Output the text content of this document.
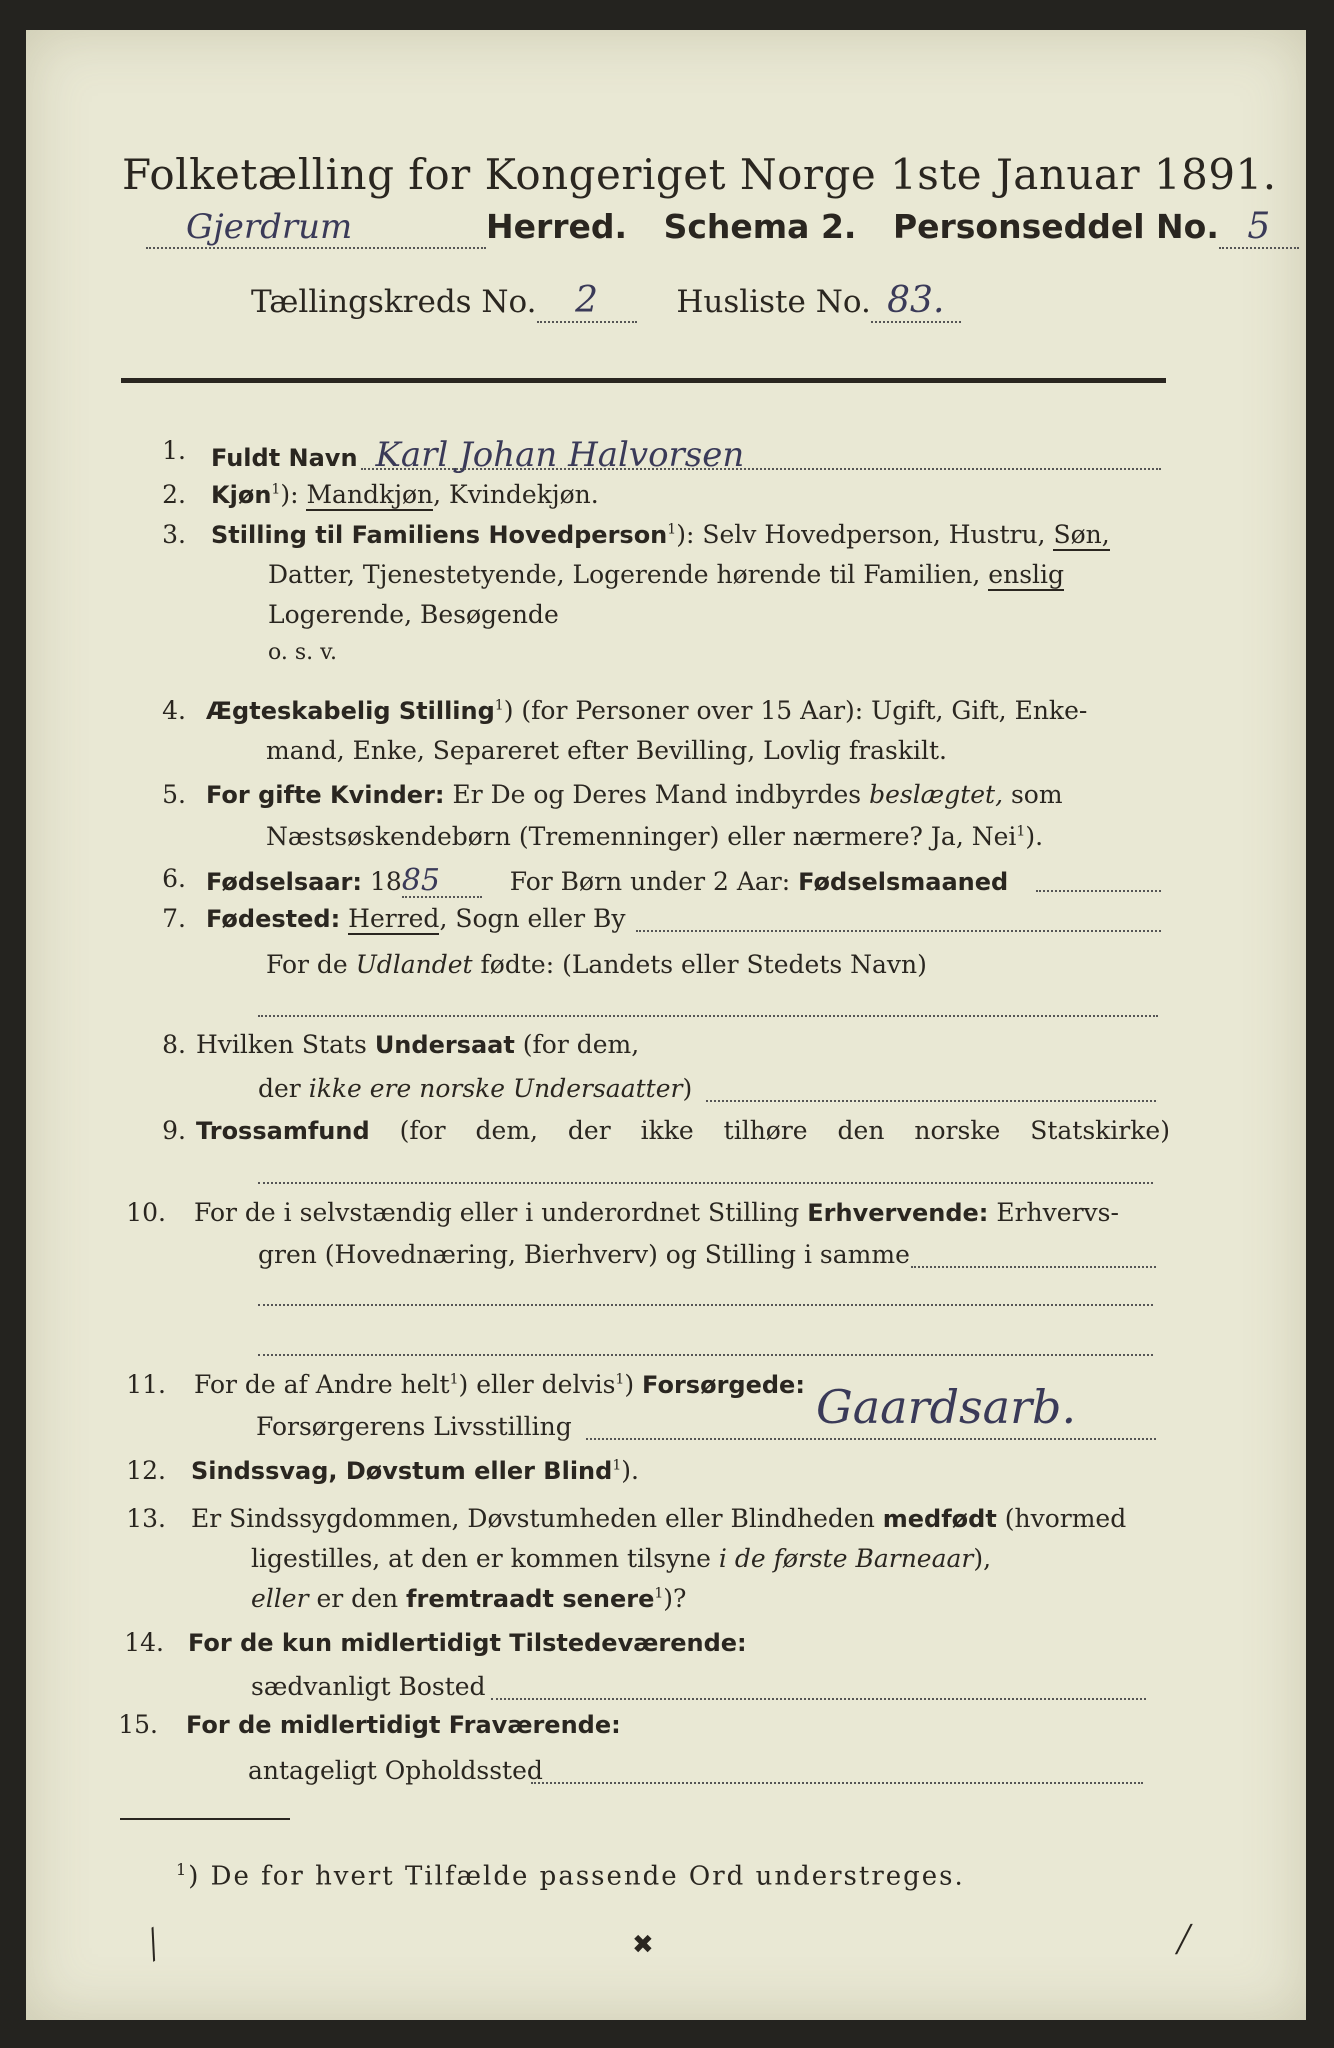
Folketælling for Kongeriget Norge 1ste Januar 1891.
Gjerdrum	Herred. Schema 2. Personseddel No. 5
Tællingskreds No. 2	Husliste No. 83.
1. Fuldt Navn Karl Johan Halvorsen
2. Kjøn$^1$): Mandkjøn, Kvindekjøn.
3. Stilling til Familiens Hovedperson$^1$): Selv Hovedperson, Hustru, Søn,
Datter, Tjenestetyende, Logerende hørende til Familien, enslig
Logerende, Besøgende
o. s. v.
4. Ægteskabelig Stilling$^1$) (for Personer over 15 Aar): Ugift, Gift, Enke-
mand, Enke, Separeret efter Bevilling, Lovlig fraskilt.
5. For gifte Kvinder: Er De og Deres Mand indbyrdes beslægtet, som
Næstsøskendebørn (Tremenninger) eller nærmere? Ja, Nei$^1$).
6. Fødselsaar: 1885	For Børn under 2 Aar: Fødselsmaaned
7. Fødested: Herred, Sogn eller By
For de Udlandet fødte: (Landets eller Stedets Navn)
8. Hvilken Stats Undersaat (for dem,
der ikke ere norske Undersaatter)
9. Trossamfund (for dem, der ikke tilhøre den norske Statskirke)
10. For de i selvstændig eller i underordnet Stilling Erhvervende: Erhvervs-
gren (Hovednæring, Bierhverv) og Stilling i samme
11. For de af Andre helt$^1$) eller delvis$^1$) Forsørgede:
Forsørgerens Livsstilling	Gaardsarb.
12. Sindssvag, Døvstum eller Blind$^1$).
13. Er Sindssygdommen, Døvstumheden eller Blindheden medfødt (hvormed
ligestilles, at den er kommen tilsyne i de første Barneaar),
eller er den fremtraadt senere$^1$)?
14. For de kun midlertidigt Tilstedeværende:
sædvanligt Bosted
15. For de midlertidigt Fraværende:
antageligt Opholdssted
$^1$) De for hvert Tilfælde passende Ord understreges.
╱	✖	╱
